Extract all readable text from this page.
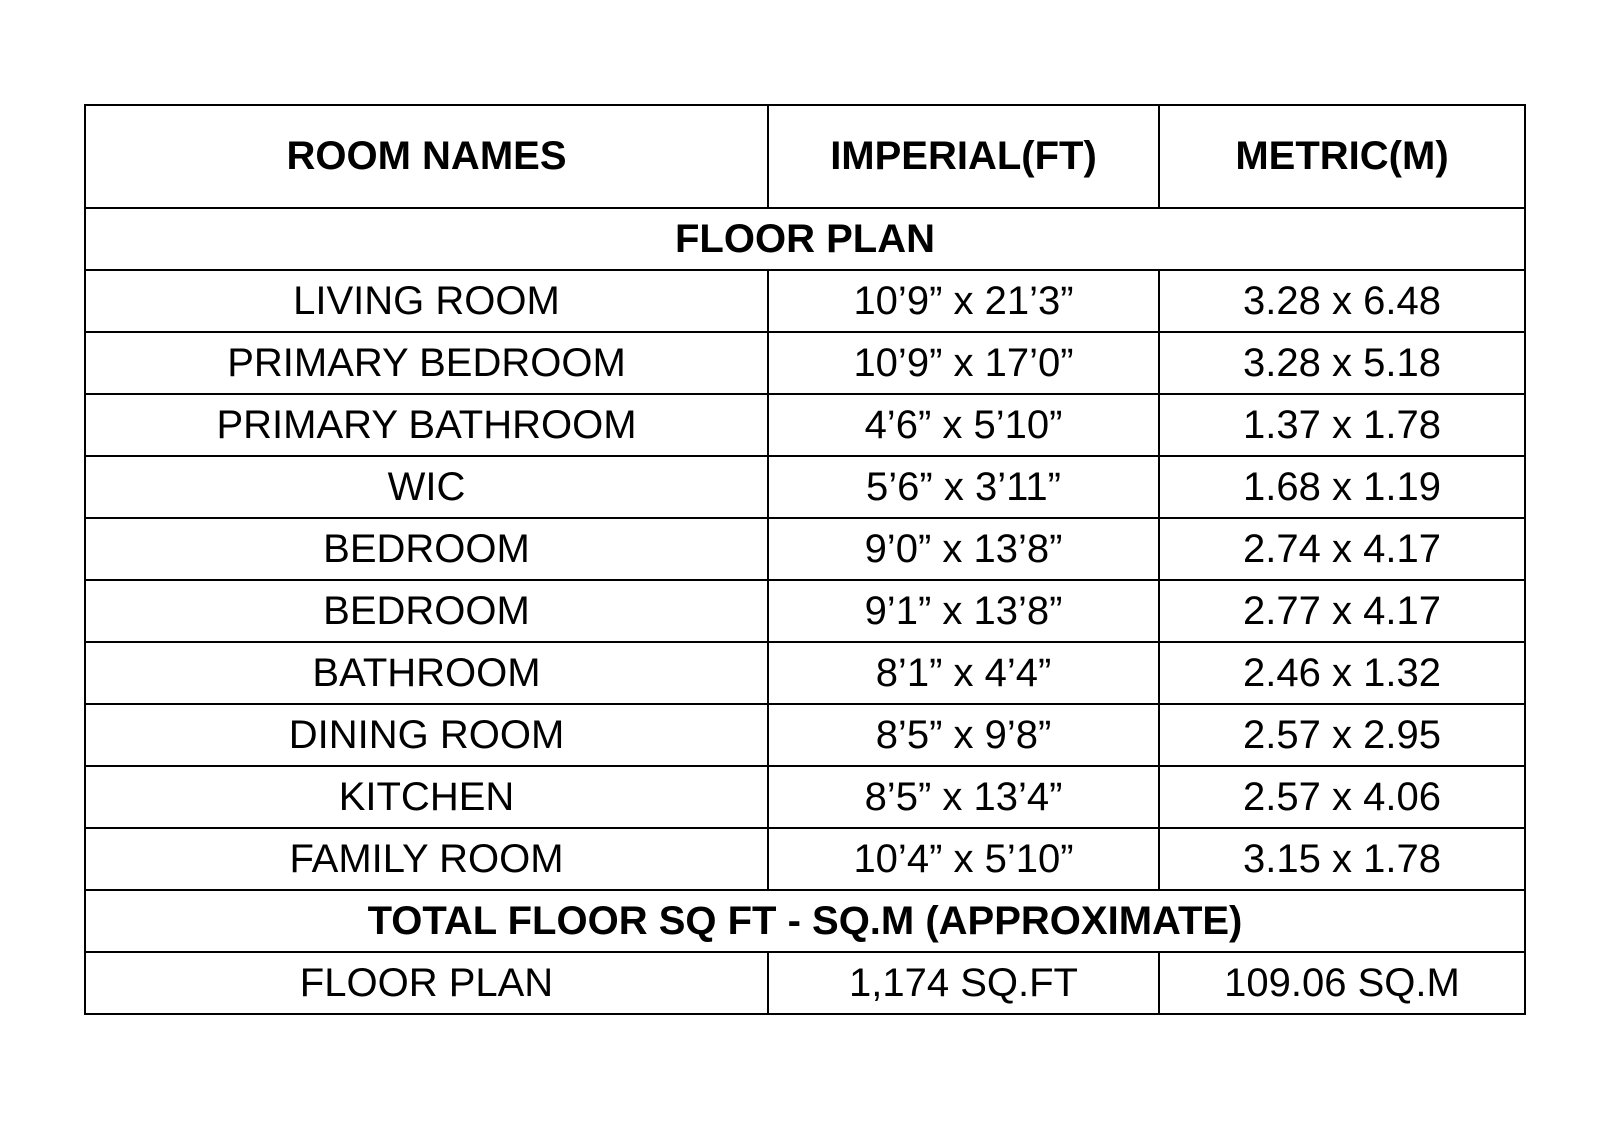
ROOM NAMES	IMPERIAL(FT)	METRIC(M)
FLOOR PLAN		
LIVING ROOM	10’9” x 21’3”	3.28 x 6.48
PRIMARY BEDROOM	10’9” x 17’0”	3.28 x 5.18
PRIMARY BATHROOM	4’6” x 5’10”	1.37 x 1.78
WIC	5’6” x 3’11”	1.68 x 1.19
BEDROOM	9’0” x 13’8”	2.74 x 4.17
BEDROOM	9’1” x 13’8”	2.77 x 4.17
BATHROOM	8’1” x 4’4”	2.46 x 1.32
DINING ROOM	8’5” x 9’8”	2.57 x 2.95
KITCHEN	8’5” x 13’4”	2.57 x 4.06
FAMILY ROOM	10’4” x 5’10”	3.15 x 1.78
TOTAL FLOOR SQ FT - SQ.M (APPROXIMATE)		
FLOOR PLAN	1,174 SQ.FT	109.06 SQ.M
